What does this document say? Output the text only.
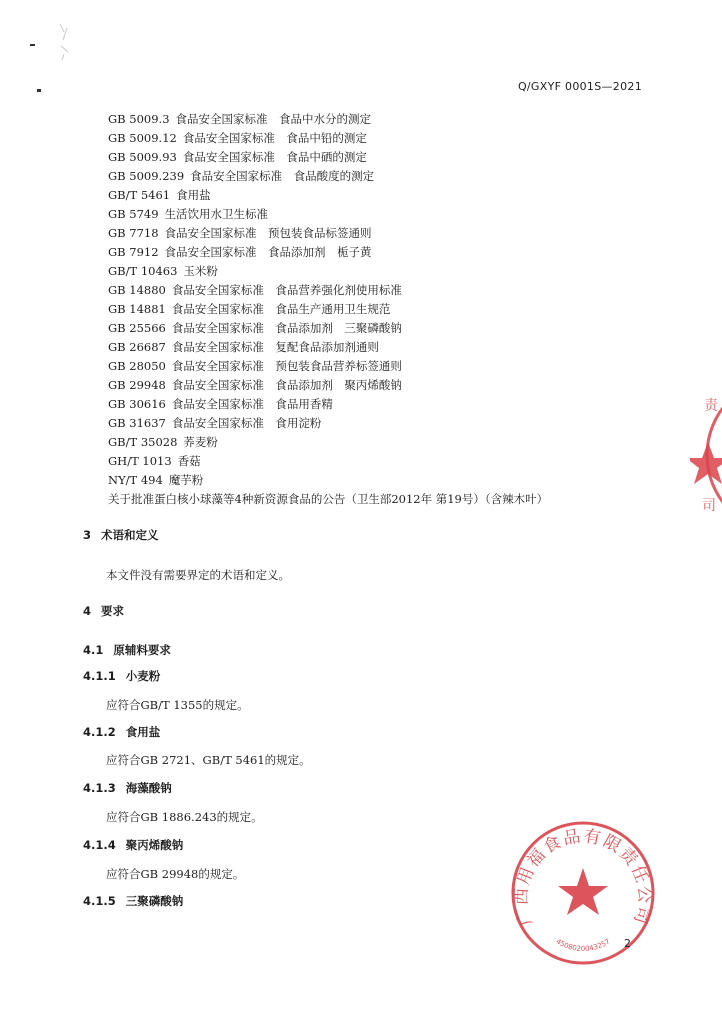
Q/GXYF 0001S—2021
GB 5009.3 食品安全国家标准　食品中水分的测定
GB 5009.12 食品安全国家标准　食品中铅的测定
GB 5009.93 食品安全国家标准　食品中硒的测定
GB 5009.239 食品安全国家标准　食品酸度的测定
GB/T 5461 食用盐
GB 5749 生活饮用水卫生标准
GB 7718 食品安全国家标准　预包装食品标签通则
GB 7912 食品安全国家标准　食品添加剂　栀子黄
GB/T 10463 玉米粉
GB 14880 食品安全国家标准　食品营养强化剂使用标准
GB 14881 食品安全国家标准　食品生产通用卫生规范
GB 25566 食品安全国家标准　食品添加剂　三聚磷酸钠
GB 26687 食品安全国家标准　复配食品添加剂通则
GB 28050 食品安全国家标准　预包装食品营养标签通则
GB 29948 食品安全国家标准　食品添加剂　聚丙烯酸钠
GB 30616 食品安全国家标准　食品用香精
GB 31637 食品安全国家标准　食用淀粉
GB/T 35028 荞麦粉
GH/T 1013 香菇
NY/T 494 魔芋粉
关于批准蛋白核小球藻等4种新资源食品的公告（卫生部2012年 第19号）（含辣木叶）
3 术语和定义
本文件没有需要界定的术语和定义。
4 要求
4.1 原辅料要求
4.1.1 小麦粉
应符合GB/T 1355的规定。
4.1.2 食用盐
应符合GB 2721、GB/T 5461的规定。
4.1.3 海藻酸钠
应符合GB 1886.243的规定。
4.1.4 聚丙烯酸钠
应符合GB 29948的规定。
4.1.5 三聚磷酸钠
责
司
广西用福食品有限责任公司
4508020043257 2
